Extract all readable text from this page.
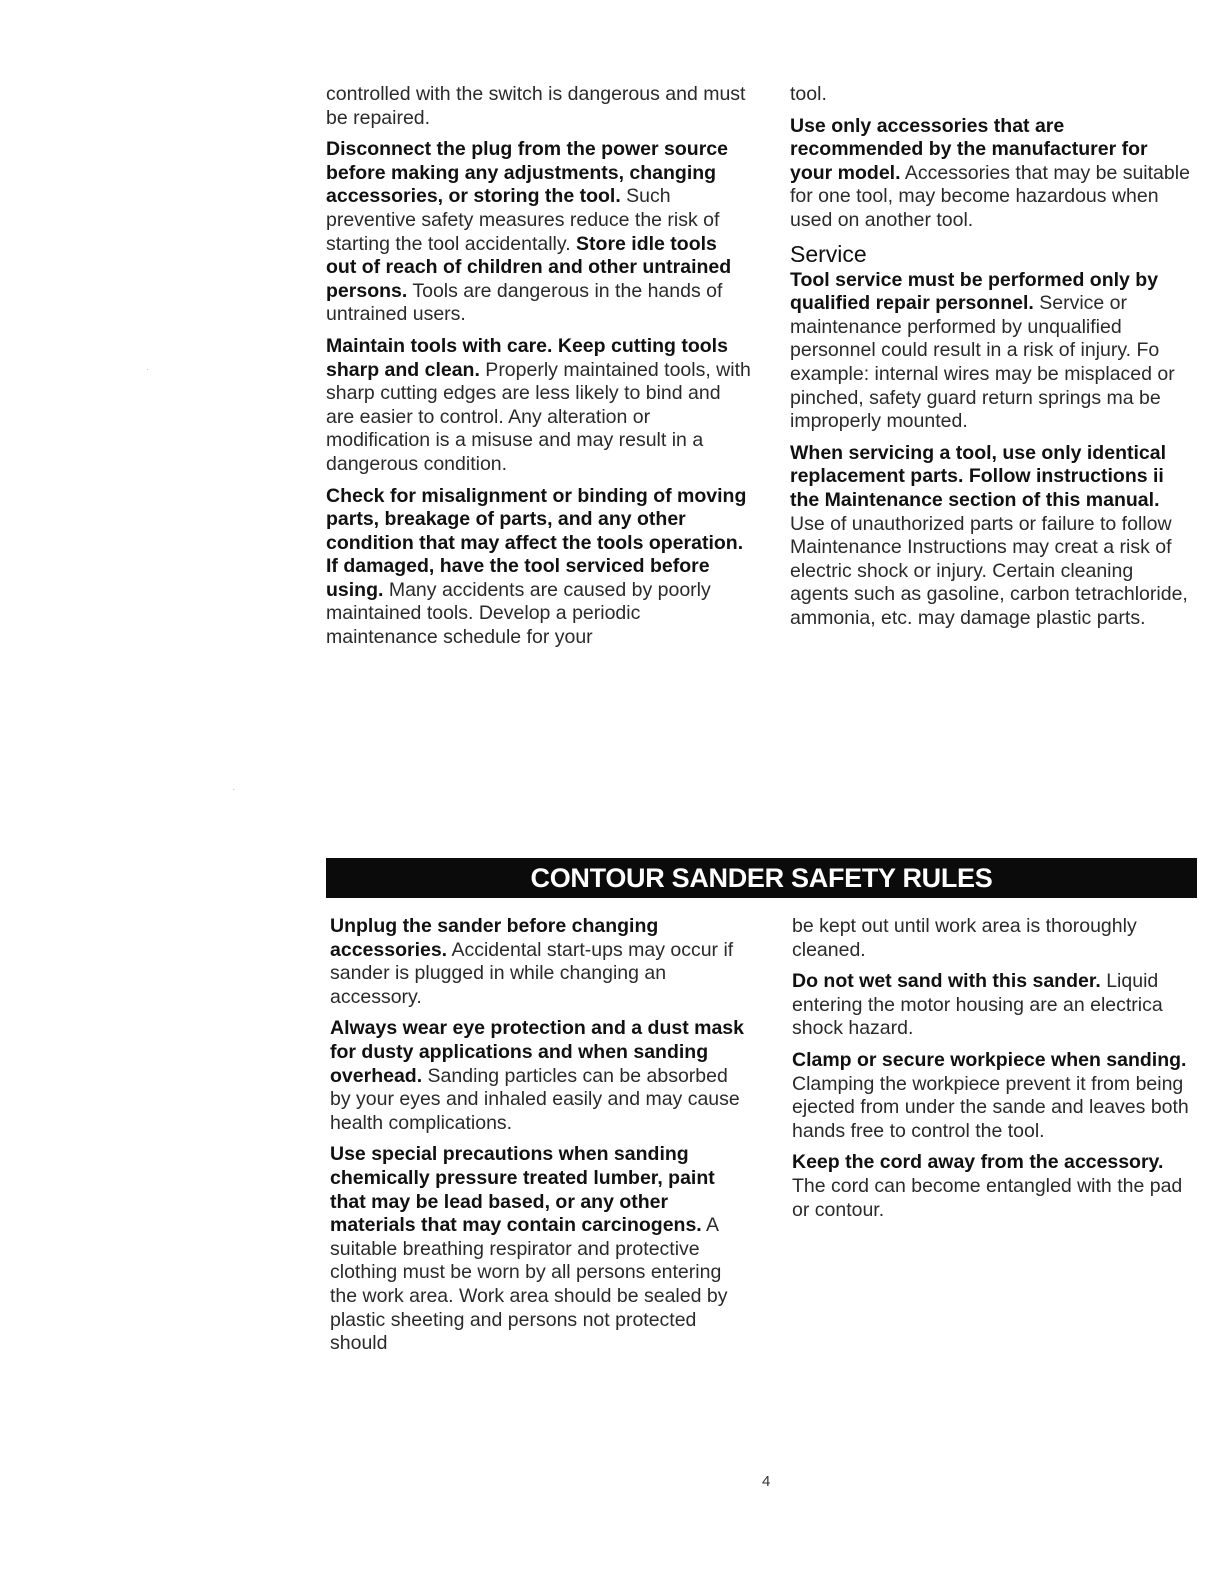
controlled with the switch is dangerous and must be repaired.

Disconnect the plug from the power source before making any adjustments, changing accessories, or storing the tool. Such preventive safety measures reduce the risk of starting the tool accidentally. Store idle tools out of reach of children and other untrained persons. Tools are dangerous in the hands of untrained users.

Maintain tools with care. Keep cutting tools sharp and clean. Properly maintained tools, with sharp cutting edges are less likely to bind and are easier to control. Any alteration or modification is a misuse and may result in a dangerous condition.

Check for misalignment or binding of moving parts, breakage of parts, and any other condition that may affect the tools operation. If damaged, have the tool serviced before using. Many accidents are caused by poorly maintained tools. Develop a periodic maintenance schedule for your

tool.

Use only accessories that are recommended by the manufacturer for your model. Accessories that may be suitable for one tool, may become hazardous when used on another tool.

Service

Tool service must be performed only by qualified repair personnel. Service or maintenance performed by unqualified personnel could result in a risk of injury. Fo example: internal wires may be misplaced or pinched, safety guard return springs ma be improperly mounted.

When servicing a tool, use only identical replacement parts. Follow instructions ii the Maintenance section of this manual. Use of unauthorized parts or failure to follow Maintenance Instructions may creat a risk of electric shock or injury. Certain cleaning agents such as gasoline, carbon tetrachloride, ammonia, etc. may damage plastic parts.

CONTOUR SANDER SAFETY RULES

Unplug the sander before changing accessories. Accidental start-ups may occur if sander is plugged in while changing an accessory.

Always wear eye protection and a dust mask for dusty applications and when sanding overhead. Sanding particles can be absorbed by your eyes and inhaled easily and may cause health complications.

Use special precautions when sanding chemically pressure treated lumber, paint that may be lead based, or any other materials that may contain carcinogens. A suitable breathing respirator and protective clothing must be worn by all persons entering the work area. Work area should be sealed by plastic sheeting and persons not protected should

be kept out until work area is thoroughly cleaned.

Do not wet sand with this sander. Liquid entering the motor housing are an electrica shock hazard.

Clamp or secure workpiece when sanding. Clamping the workpiece prevent it from being ejected from under the sande and leaves both hands free to control the tool.

Keep the cord away from the accessory. The cord can become entangled with the pad or contour.

4
·
·
